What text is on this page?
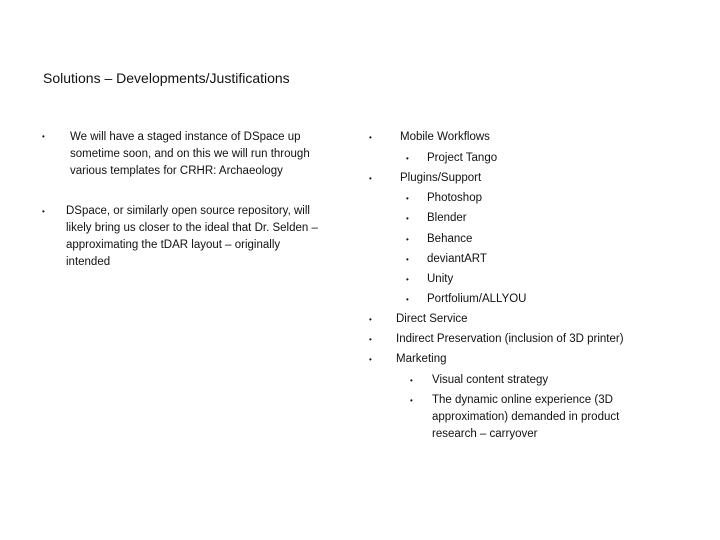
Solutions – Developments/Justifications
• We will have a staged instance of DSpace up
sometime soon, and on this we will run through
various templates for CRHR: Archaeology
• DSpace, or similarly open source repository, will
likely bring us closer to the ideal that Dr. Selden –
approximating the tDAR layout – originally
intended
• Mobile Workflows
• Project Tango
• Plugins/Support
• Photoshop
• Blender
• Behance
• deviantART
• Unity
• Portfolium/ALLYOU
• Direct Service
• Indirect Preservation (inclusion of 3D printer)
• Marketing
• Visual content strategy
• The dynamic online experience (3D
approximation) demanded in product
research – carryover
